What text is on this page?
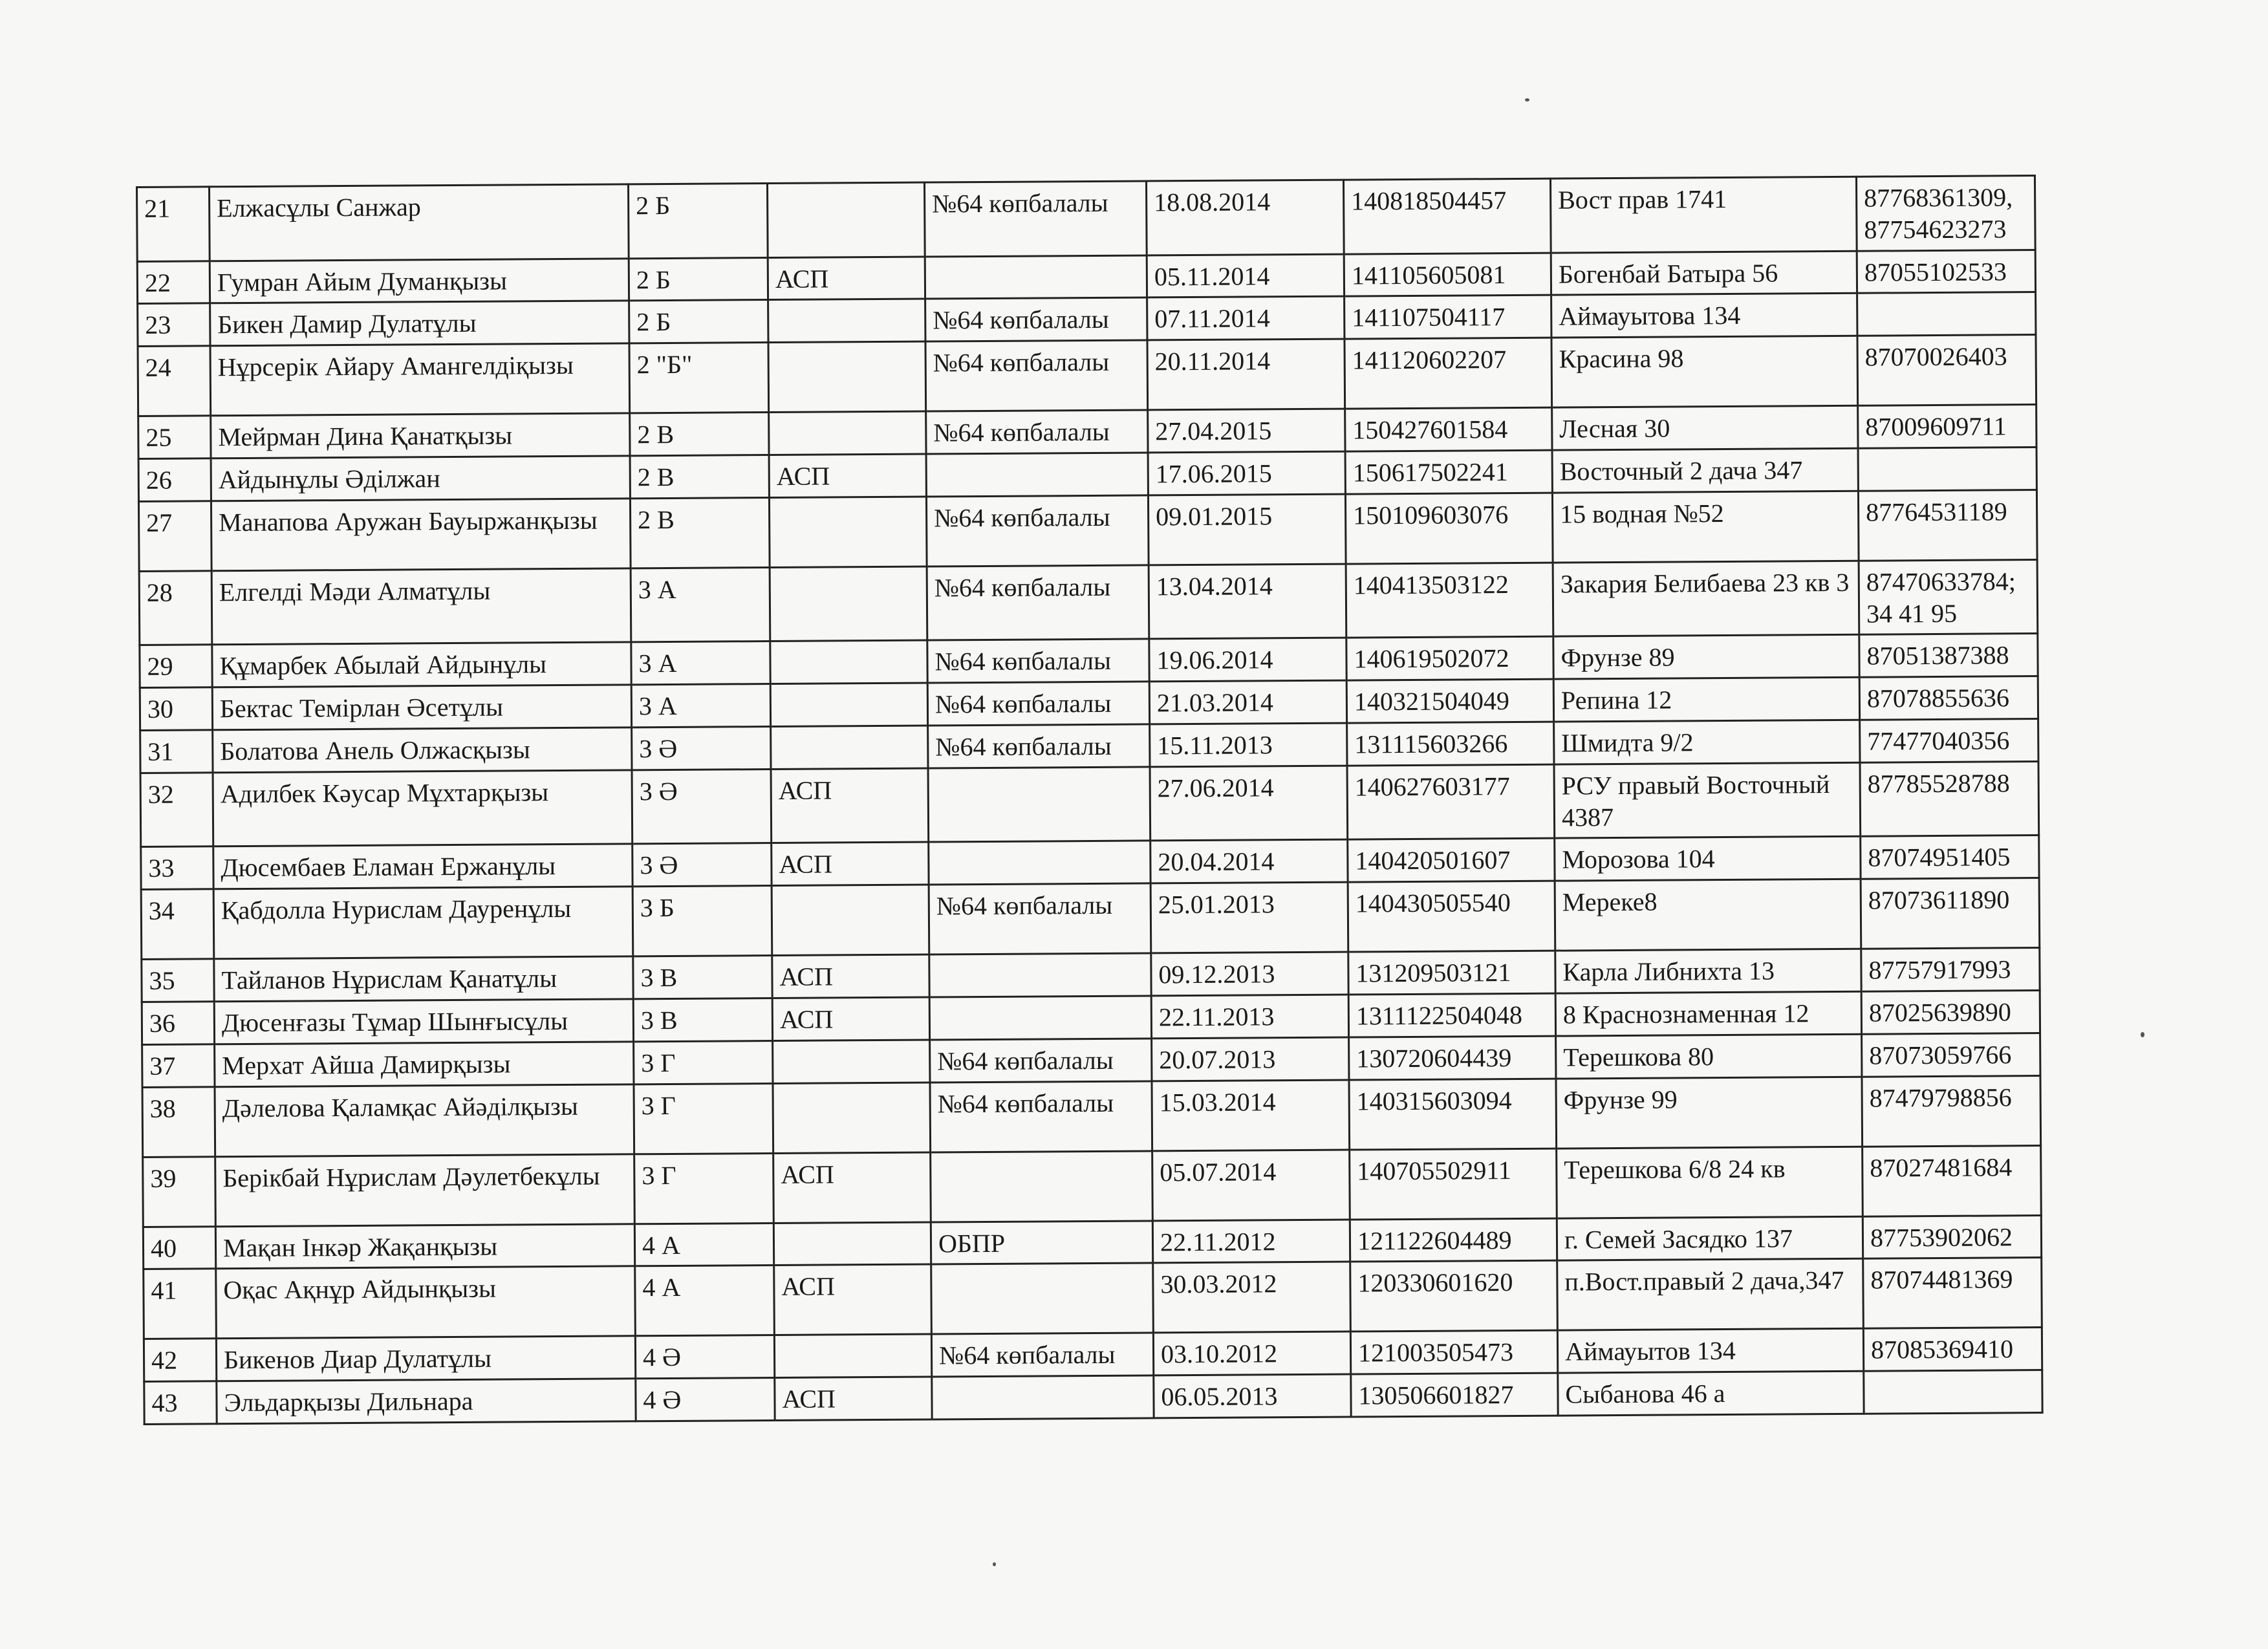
21	Елжасұлы Санжар	2 Б		№64 көпбалалы	18.08.2014	140818504457	Вост прав 1741	87768361309, 87754623273
22	Гумран Айым Думанқызы	2 Б	АСП		05.11.2014	141105605081	Богенбай Батыра 56	87055102533
23	Бикен Дамир Дулатұлы	2 Б		№64 көпбалалы	07.11.2014	141107504117	Аймауытова 134	
24	Нұрсерік Айару Амангелдіқызы	2 "Б"		№64 көпбалалы	20.11.2014	141120602207	Красина 98	87070026403
25	Мейрман Дина Қанатқызы	2 В		№64 көпбалалы	27.04.2015	150427601584	Лесная 30	87009609711
26	Айдынұлы Әділжан	2 В	АСП		17.06.2015	150617502241	Восточный 2 дача 347	
27	Манапова Аружан Бауыржанқызы	2 В		№64 көпбалалы	09.01.2015	150109603076	15 водная №52	87764531189
28	Елгелді Мәди Алматұлы	3 А		№64 көпбалалы	13.04.2014	140413503122	Закария Белибаева 23 кв 3	87470633784; 34 41 95
29	Құмарбек Абылай Айдынұлы	3 А		№64 көпбалалы	19.06.2014	140619502072	Фрунзе 89	87051387388
30	Бектас Темірлан Әсетұлы	3 А		№64 көпбалалы	21.03.2014	140321504049	Репина 12	87078855636
31	Болатова Анель Олжасқызы	3 Ә		№64 көпбалалы	15.11.2013	131115603266	Шмидта 9/2	77477040356
32	Адилбек Кәусар Мұхтарқызы	3 Ә	АСП		27.06.2014	140627603177	РСУ правый Восточный 4387	87785528788
33	Дюсембаев Еламан Ержанұлы	3 Ә	АСП		20.04.2014	140420501607	Морозова 104	87074951405
34	Қабдолла Нурислам Дауренұлы	3 Б		№64 көпбалалы	25.01.2013	140430505540	Мереке8	87073611890
35	Тайланов Нұрислам Қанатұлы	3 В	АСП		09.12.2013	131209503121	Карла Либнихта 13	87757917993
36	Дюсенғазы Тұмар Шынғысұлы	3 В	АСП		22.11.2013	1311122504048	8 Краснознаменная 12	87025639890
37	Мерхат Айша Дамирқызы	3 Г		№64 көпбалалы	20.07.2013	130720604439	Терешкова 80	87073059766
38	Дәлелова Қаламқас Айәділқызы	3 Г		№64 көпбалалы	15.03.2014	140315603094	Фрунзе 99	87479798856
39	Берікбай Нұрислам Дәулетбекұлы	3 Г	АСП		05.07.2014	140705502911	Терешкова 6/8 24 кв	87027481684
40	Мақан Інкәр Жақанқызы	4 А		ОБПР	22.11.2012	121122604489	г. Семей Засядко 137	87753902062
41	Оқас Ақнұр Айдынқызы	4 А	АСП		30.03.2012	120330601620	п.Вост.правый 2 дача,347	87074481369
42	Бикенов Диар Дулатұлы	4 Ә		№64 көпбалалы	03.10.2012	121003505473	Аймауытов 134	87085369410
43	Эльдарқызы Дильнара	4 Ә	АСП		06.05.2013	130506601827	Сыбанова 46 а	
